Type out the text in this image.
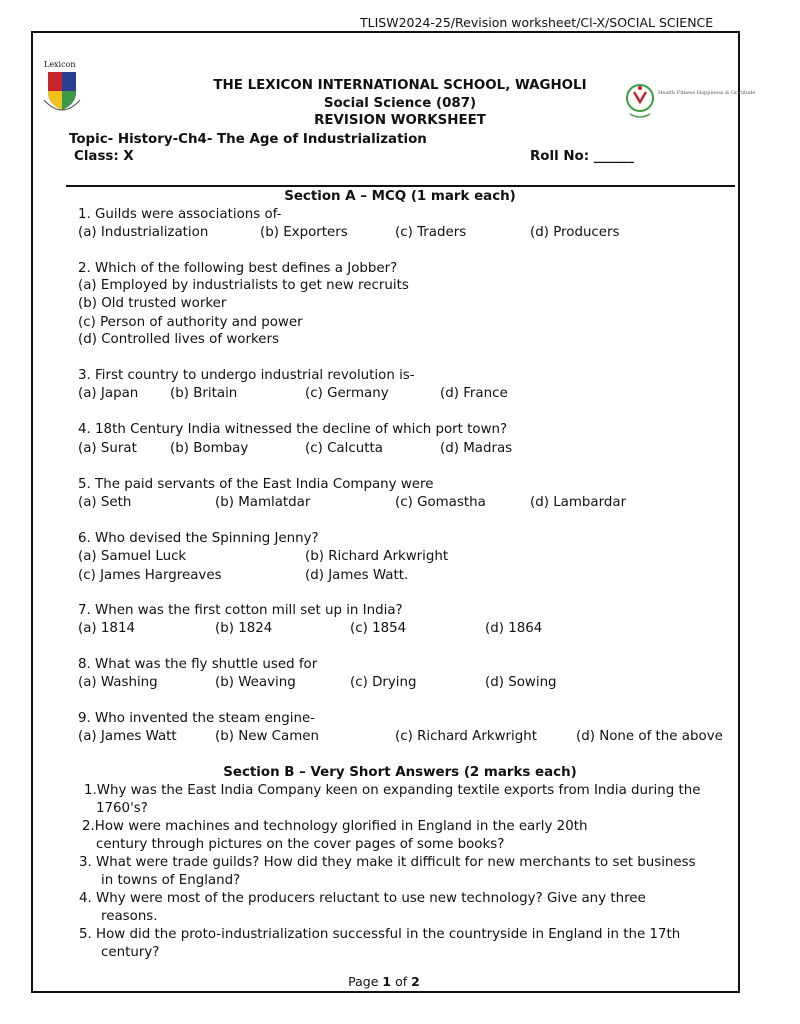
TLISW2024-25/Revision worksheet/Cl-X/SOCIAL SCIENCE
Lexicon
Health Fitness Happiness & Gratitude
THE LEXICON INTERNATIONAL SCHOOL, WAGHOLI
Social Science (087)
REVISION WORKSHEET
Topic- History-Ch4- The Age of Industrialization
Class: X	Roll No: ______
Section A – MCQ (1 mark each)
1. Guilds were associations of-
(a) Industrialization	(b) Exporters	(c) Traders	(d) Producers
2. Which of the following best defines a Jobber?
(a) Employed by industrialists to get new recruits
(b) Old trusted worker
(c) Person of authority and power
(d) Controlled lives of workers
3. First country to undergo industrial revolution is-
(a) Japan (b) Britain	(c) Germany	(d) France
4. 18th Century India witnessed the decline of which port town?
(a) Surat (b) Bombay	(c) Calcutta	(d) Madras
5. The paid servants of the East India Company were
(a) Seth	(b) Mamlatdar	(c) Gomastha	(d) Lambardar
6. Who devised the Spinning Jenny?
(a) Samuel Luck	(b) Richard Arkwright
(c) James Hargreaves	(d) James Watt.
7. When was the first cotton mill set up in India?
(a) 1814	(b) 1824	(c) 1854	(d) 1864
8. What was the fly shuttle used for
(a) Washing	(b) Weaving	(c) Drying	(d) Sowing
9. Who invented the steam engine-
(a) James Watt	(b) New Camen	(c) Richard Arkwright	(d) None of the above
Section B – Very Short Answers (2 marks each)
1.Why was the East India Company keen on expanding textile exports from India during the
1760's?
2.How were machines and technology glorified in England in the early 20th
century through pictures on the cover pages of some books?
3. What were trade guilds? How did they make it difficult for new merchants to set business
in towns of England?
4. Why were most of the producers reluctant to use new technology? Give any three
reasons.
5. How did the proto-industrialization successful in the countryside in England in the 17th
century?
Page 1 of 2
